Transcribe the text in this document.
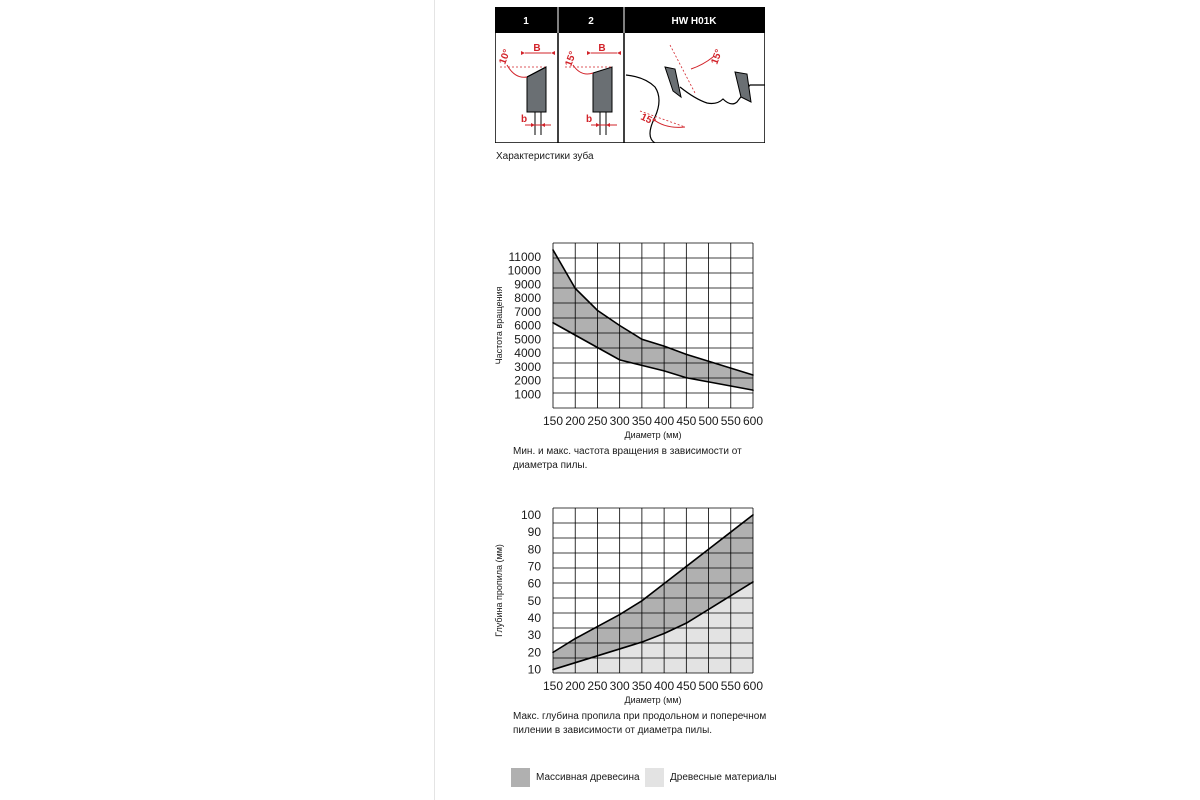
1	2	HW H01K
B
b
10°	B
b
15°	15°
15°
Характеристики зуба
1000
2000
3000
4000
5000
6000
7000
8000
9000
10000
11000
150 200 250 300 350 400 450 500 550 600
Диаметр (мм)
Частота вращения
Мин. и макс. частота вращения в зависимости от диаметра пилы.
10
20
30
40
50
60
70
80
90
100
150 200 250 300 350 400 450 500 550 600
Диаметр (мм)
Глубина пропила (мм)
Макс. глубина пропила при продольном и поперечном пилении в зависимости от диаметра пилы.
Массивная древесина	Древесные материалы
